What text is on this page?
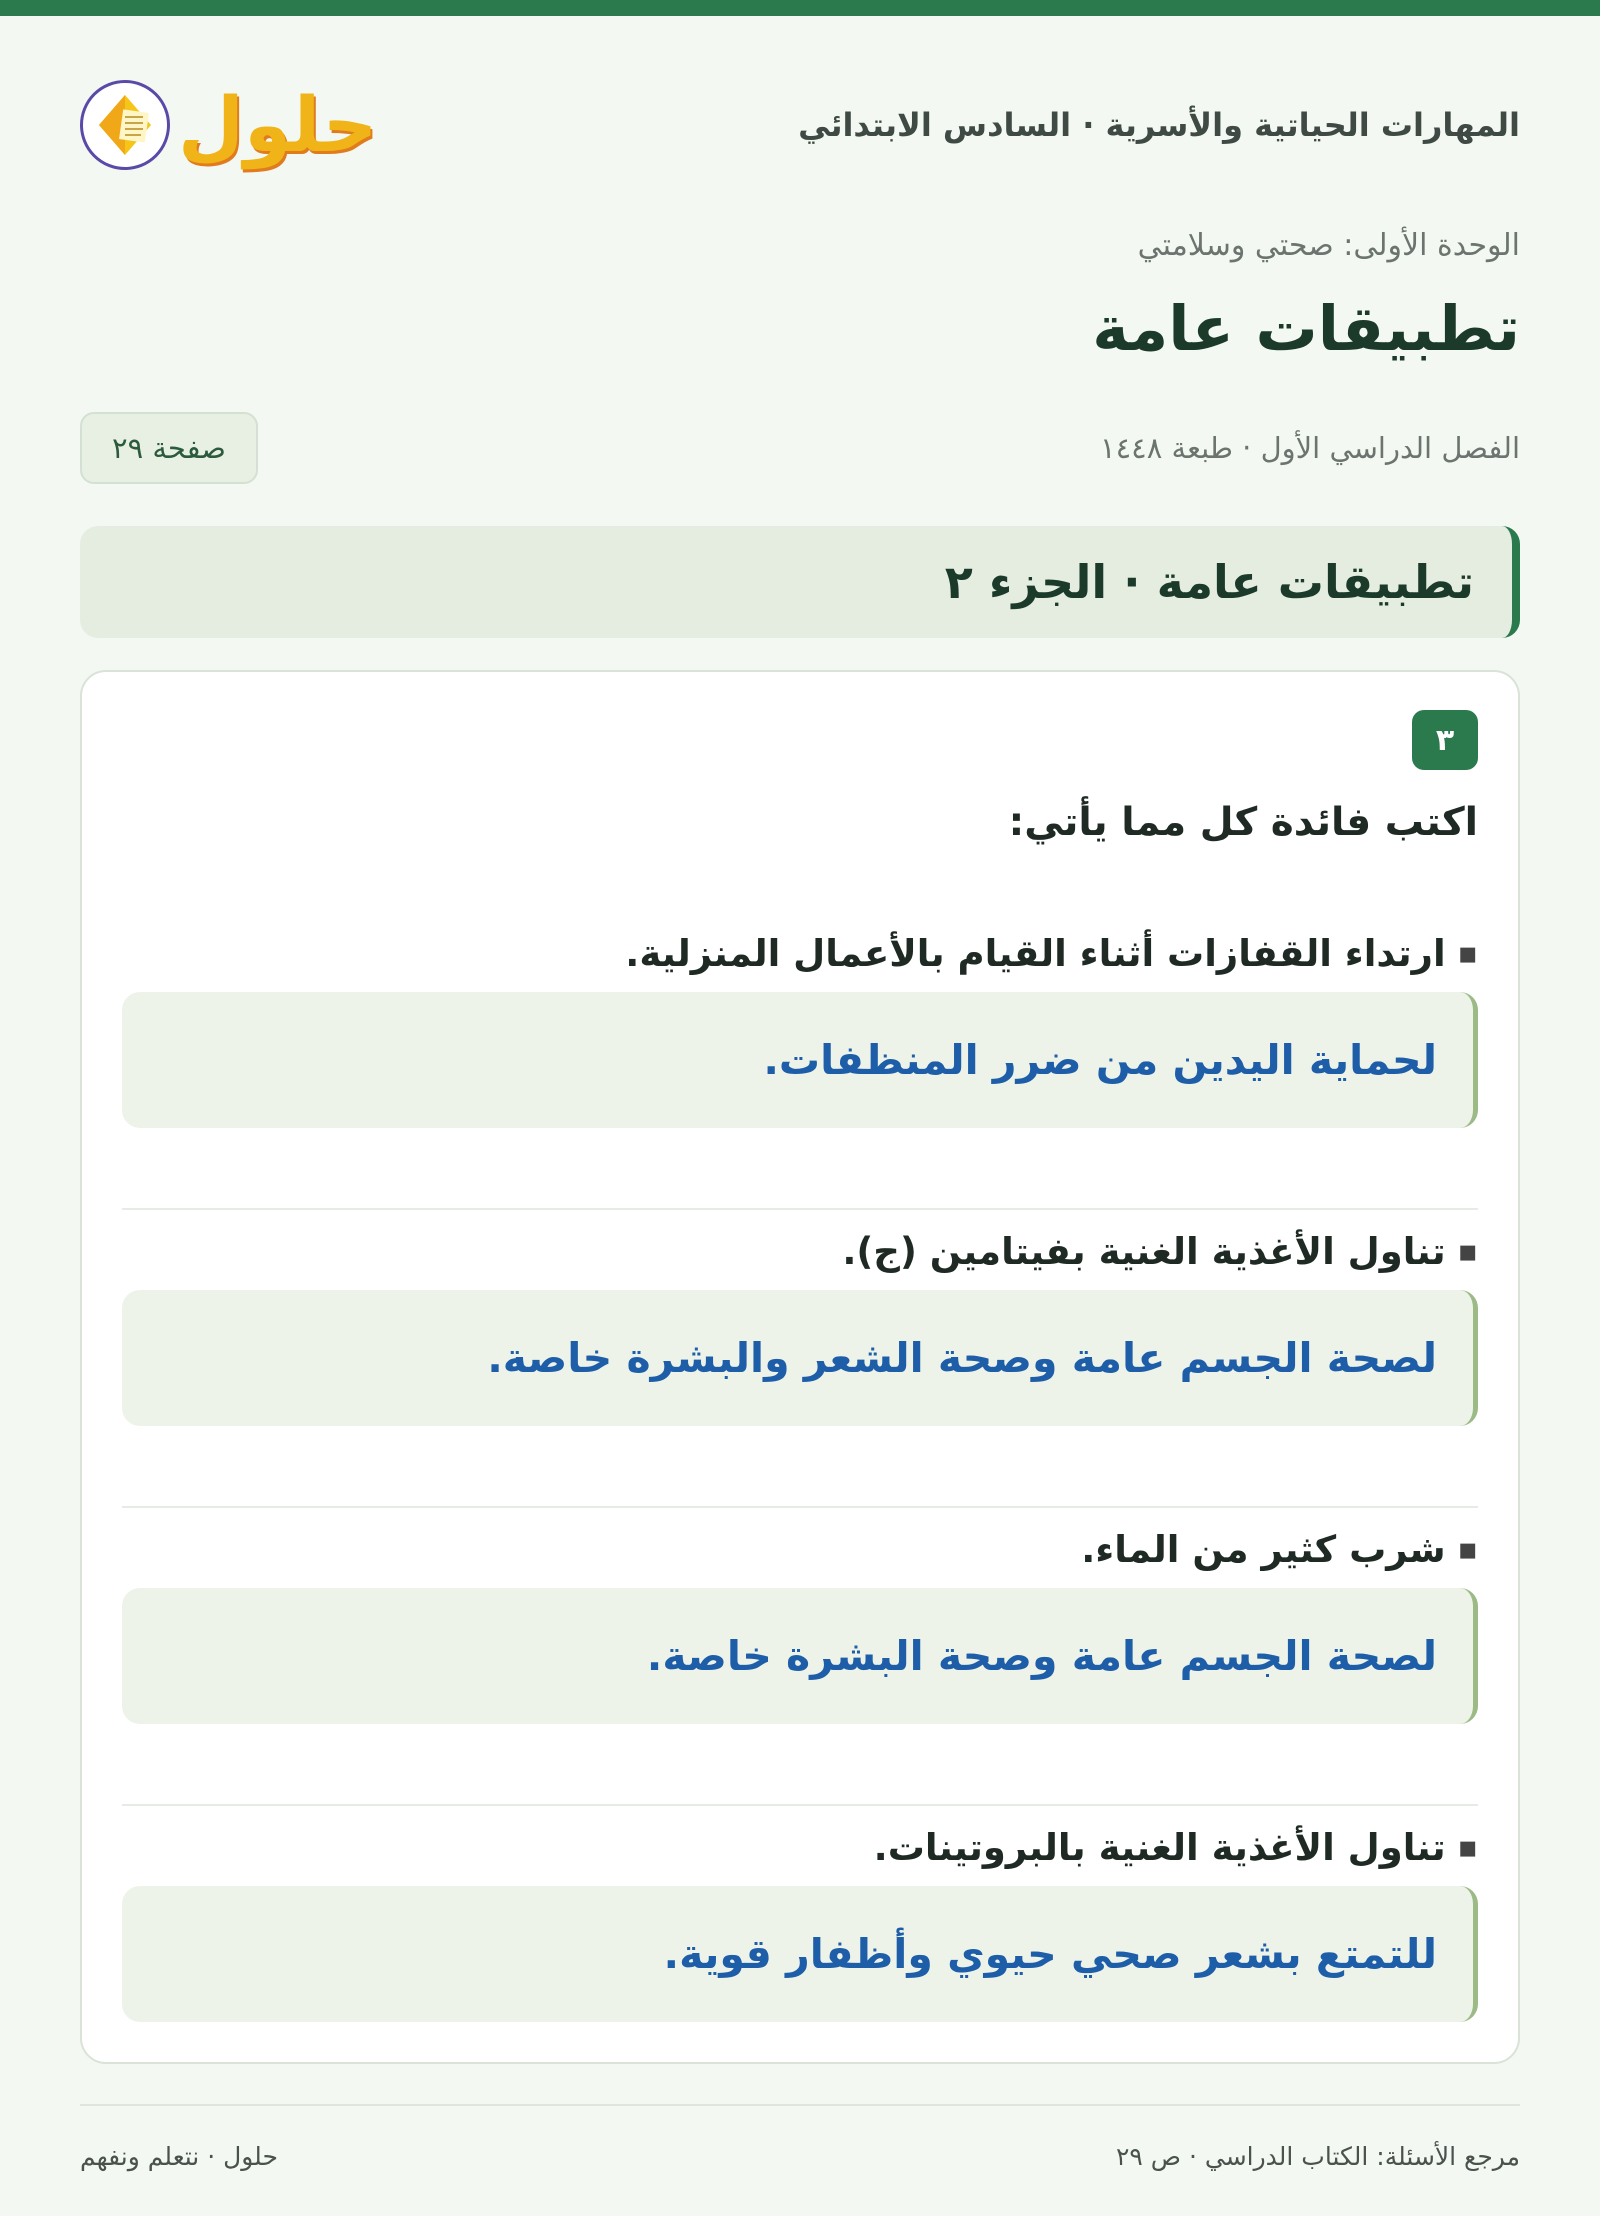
المهارات الحياتية والأسرية · السادس الابتدائي
حلول
الوحدة الأولى: صحتي وسلامتي
تطبيقات عامة
الفصل الدراسي الأول · طبعة ١٤٤٨
صفحة ٢٩
تطبيقات عامة · الجزء ٢
٣
اكتب فائدة كل مما يأتي:
▪
ارتداء القفازات أثناء القيام بالأعمال المنزلية.
لحماية اليدين من ضرر المنظفات.
▪
تناول الأغذية الغنية بفيتامين (ج).
لصحة الجسم عامة وصحة الشعر والبشرة خاصة.
▪
شرب كثير من الماء.
لصحة الجسم عامة وصحة البشرة خاصة.
▪
تناول الأغذية الغنية بالبروتينات.
للتمتع بشعر صحي حيوي وأظفار قوية.
مرجع الأسئلة: الكتاب الدراسي · ص ٢٩
حلول · نتعلم ونفهم
